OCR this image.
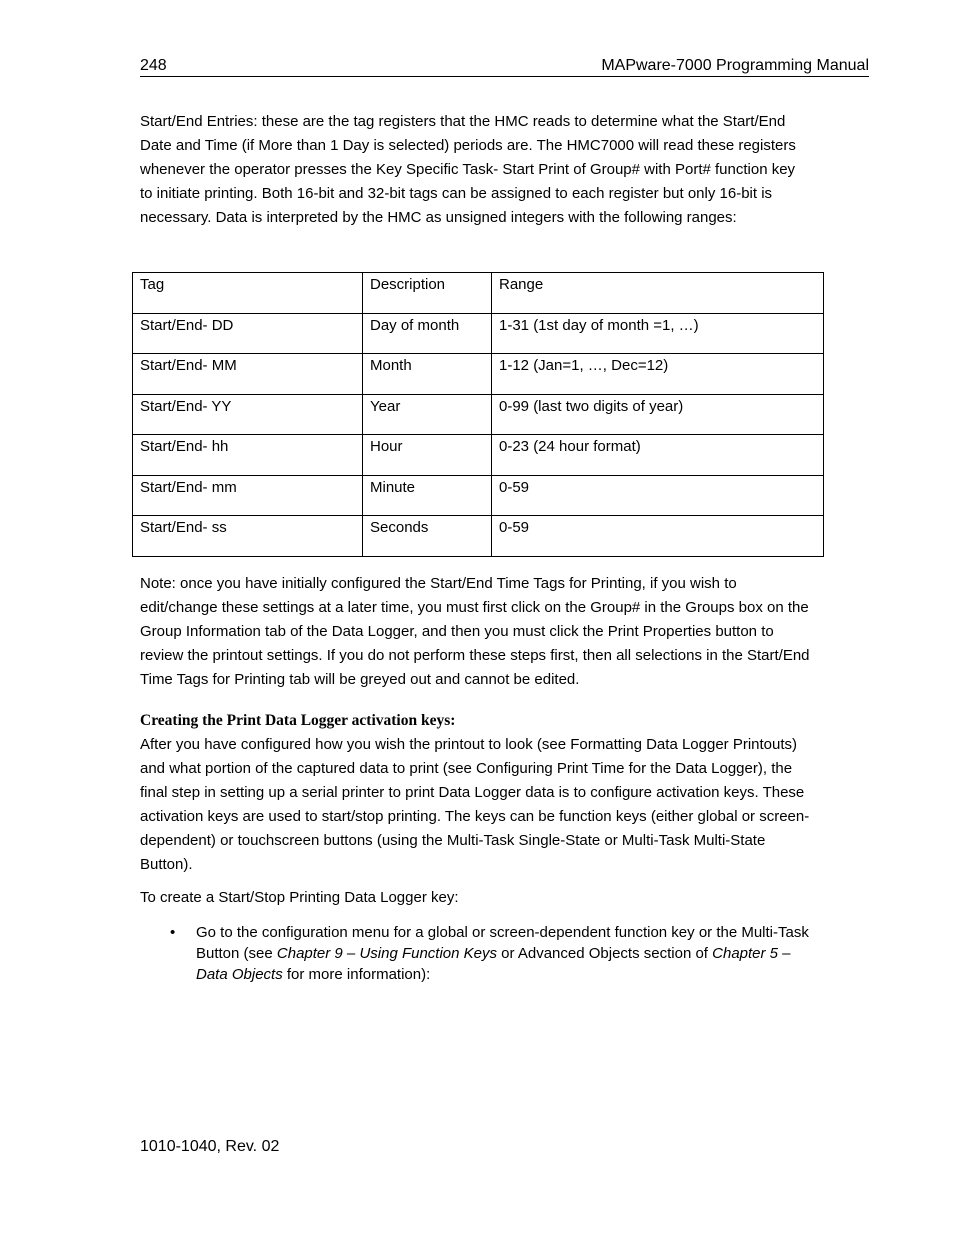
248	MAPware-7000 Programming Manual

Start/End Entries: these are the tag registers that the HMC reads to determine what the Start/End Date and Time (if More than 1 Day is selected) periods are. The HMC7000 will read these registers whenever the operator presses the Key Specific Task- Start Print of Group# with Port# function key to initiate printing. Both 16-bit and 32-bit tags can be assigned to each register but only 16-bit is necessary. Data is interpreted by the HMC as unsigned integers with the following ranges:

Tag	Description	Range

Start/End- DD	Day of month	1-31 (1st day of month =1, …)

Start/End- MM	Month	1-12 (Jan=1, …, Dec=12)

Start/End- YY	Year	0-99 (last two digits of year)

Start/End- hh	Hour	0-23 (24 hour format)

Start/End- mm	Minute	0-59

Start/End- ss	Seconds	0-59

Note: once you have initially configured the Start/End Time Tags for Printing, if you wish to edit/change these settings at a later time, you must first click on the Group# in the Groups box on the Group Information tab of the Data Logger, and then you must click the Print Properties button to review the printout settings. If you do not perform these steps first, then all selections in the Start/End Time Tags for Printing tab will be greyed out and cannot be edited.

Creating the Print Data Logger activation keys:

After you have configured how you wish the printout to look (see Formatting Data Logger Printouts) and what portion of the captured data to print (see Configuring Print Time for the Data Logger), the final step in setting up a serial printer to print Data Logger data is to configure activation keys. These activation keys are used to start/stop printing. The keys can be function keys (either global or screen-dependent) or touchscreen buttons (using the Multi-Task Single-State or Multi-Task Multi-State Button).

To create a Start/Stop Printing Data Logger key:

• Go to the configuration menu for a global or screen-dependent function key or the Multi-Task Button (see Chapter 9 – Using Function Keys or Advanced Objects section of Chapter 5 – Data Objects for more information):

1010-1040, Rev. 02
